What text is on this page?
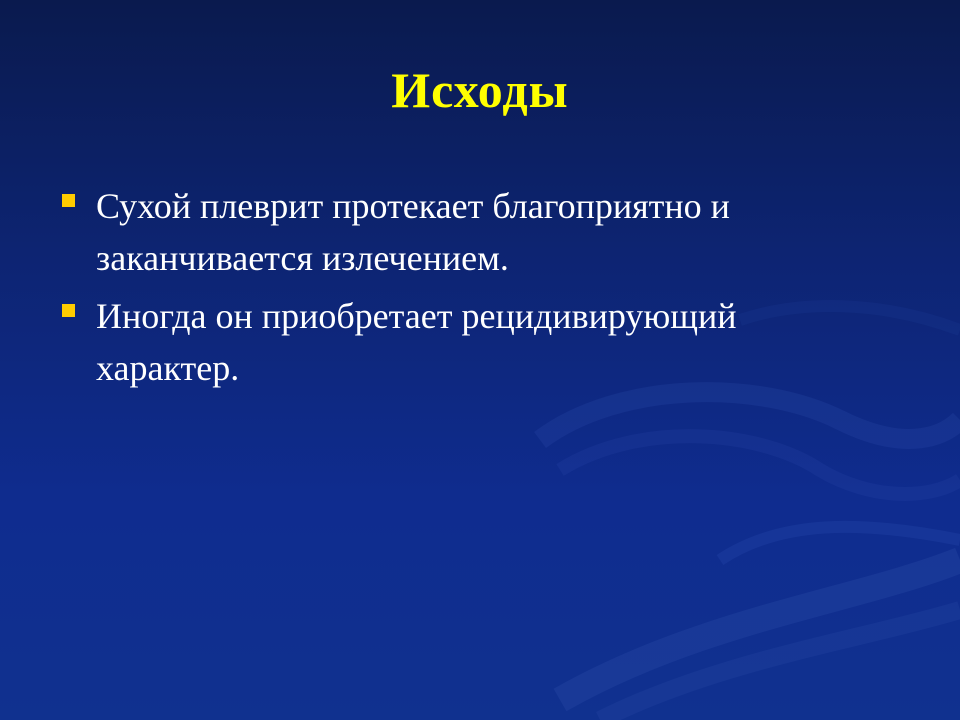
Исходы
Сухой плеврит протекает благоприятно и заканчивается излечением.
Иногда он приобретает рецидивирующий характер.
